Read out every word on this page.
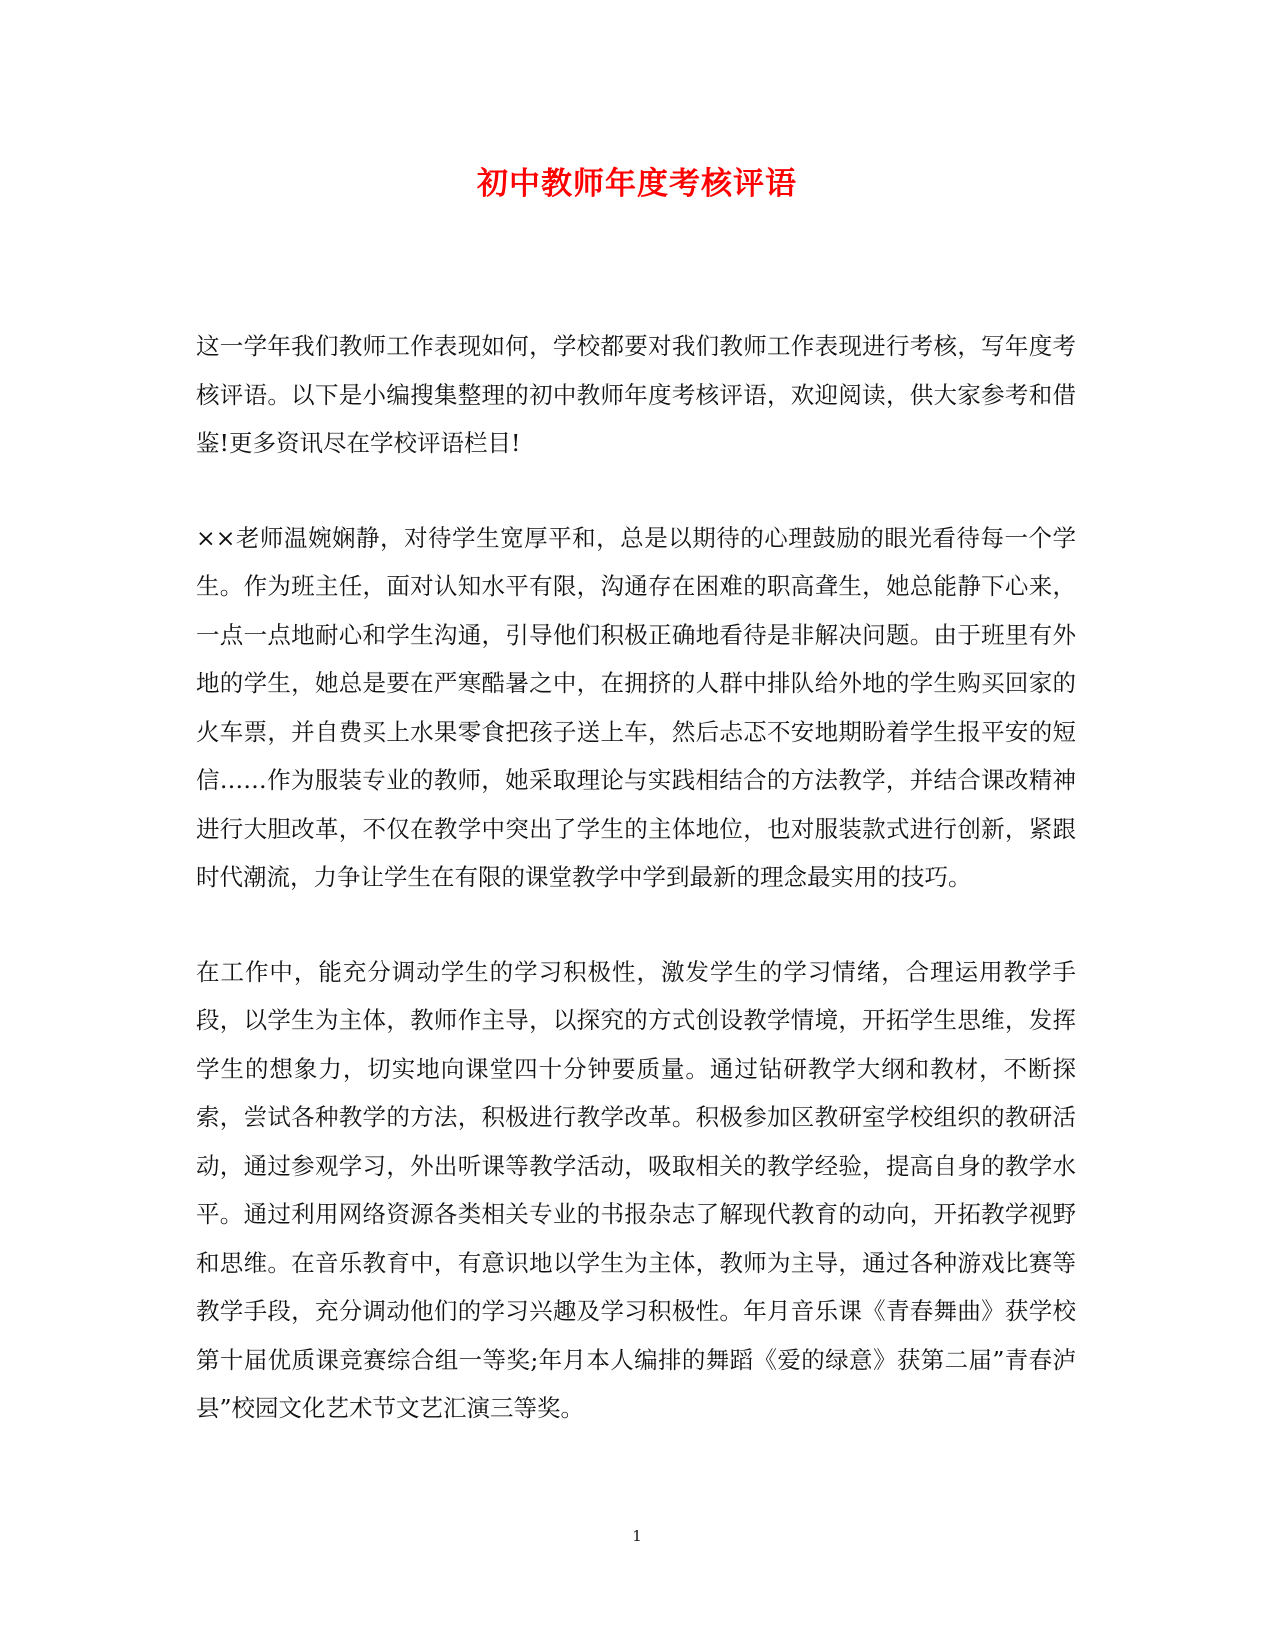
初中教师年度考核评语

这一学年我们教师工作表现如何，学校都要对我们教师工作表现进行考核，写年度考核评语。以下是小编搜集整理的初中教师年度考核评语，欢迎阅读，供大家参考和借鉴!更多资讯尽在学校评语栏目!

××老师温婉娴静，对待学生宽厚平和，总是以期待的心理鼓励的眼光看待每一个学生。作为班主任，面对认知水平有限，沟通存在困难的职高聋生，她总能静下心来，一点一点地耐心和学生沟通，引导他们积极正确地看待是非解决问题。由于班里有外地的学生，她总是要在严寒酷暑之中，在拥挤的人群中排队给外地的学生购买回家的火车票，并自费买上水果零食把孩子送上车，然后忐忑不安地期盼着学生报平安的短信……作为服装专业的教师，她采取理论与实践相结合的方法教学，并结合课改精神进行大胆改革，不仅在教学中突出了学生的主体地位，也对服装款式进行创新，紧跟时代潮流，力争让学生在有限的课堂教学中学到最新的理念最实用的技巧。

在工作中，能充分调动学生的学习积极性，激发学生的学习情绪，合理运用教学手段，以学生为主体，教师作主导，以探究的方式创设教学情境，开拓学生思维，发挥学生的想象力，切实地向课堂四十分钟要质量。通过钻研教学大纲和教材，不断探索，尝试各种教学的方法，积极进行教学改革。积极参加区教研室学校组织的教研活动，通过参观学习，外出听课等教学活动，吸取相关的教学经验，提高自身的教学水平。通过利用网络资源各类相关专业的书报杂志了解现代教育的动向，开拓教学视野和思维。在音乐教育中，有意识地以学生为主体，教师为主导，通过各种游戏比赛等教学手段，充分调动他们的学习兴趣及学习积极性。年月音乐课《青春舞曲》获学校第十届优质课竞赛综合组一等奖;年月本人编排的舞蹈《爱的绿意》获第二届”青春泸县”校园文化艺术节文艺汇演三等奖。

1
